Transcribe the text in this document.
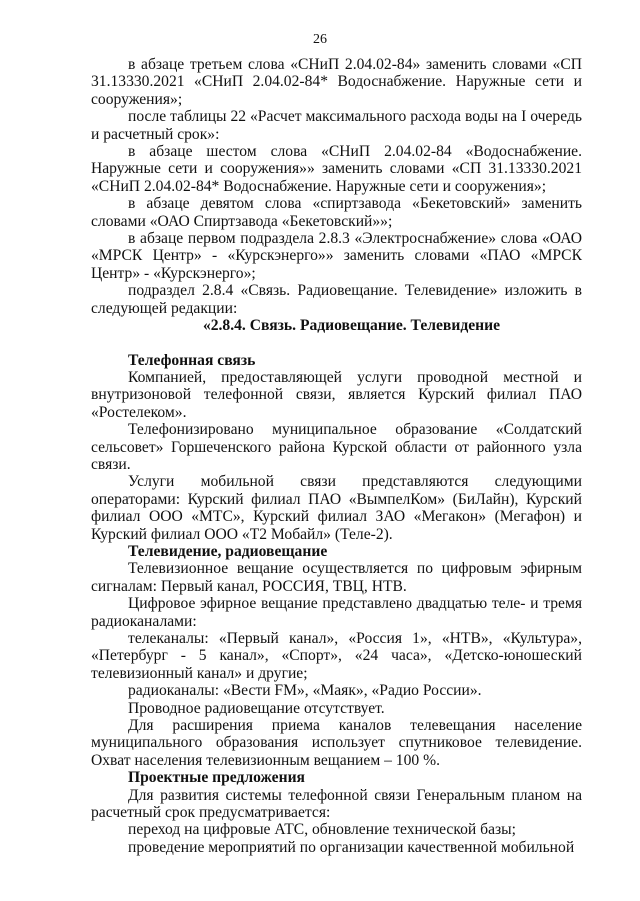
26

в абзаце третьем слова «СНиП 2.04.02-84» заменить словами «СП 31.13330.2021 «СНиП 2.04.02-84* Водоснабжение. Наружные сети и сооружения»;

после таблицы 22 «Расчет максимального расхода воды на I очередь и расчетный срок»:

в абзаце шестом слова «СНиП 2.04.02-84 «Водоснабжение. Наружные сети и сооружения»» заменить словами «СП 31.13330.2021 «СНиП 2.04.02-84* Водоснабжение. Наружные сети и сооружения»;

в абзаце девятом слова «спиртзавода «Бекетовский» заменить словами «ОАО Спиртзавода «Бекетовский»»;

в абзаце первом подраздела 2.8.3 «Электроснабжение» слова «ОАО «МРСК Центр» - «Курскэнерго»» заменить словами «ПАО «МРСК Центр» - «Курскэнерго»;

подраздел 2.8.4 «Связь. Радиовещание. Телевидение» изложить в следующей редакции:

«2.8.4. Связь. Радиовещание. Телевидение

Телефонная связь

Компанией, предоставляющей услуги проводной местной и внутризоновой телефонной связи, является Курский филиал ПАО «Ростелеком».

Телефонизировано муниципальное образование «Солдатский сельсовет» Горшеченского района Курской области от районного узла связи.

Услуги мобильной связи представляются следующими операторами: Курский филиал ПАО «ВымпелКом» (БиЛайн), Курский филиал ООО «МТС», Курский филиал ЗАО «Мегакон» (Мегафон) и Курский филиал ООО «Т2 Мобайл» (Теле-2).

Телевидение, радиовещание

Телевизионное вещание осуществляется по цифровым эфирным сигналам: Первый канал, РОССИЯ, ТВЦ, НТВ.

Цифровое эфирное вещание представлено двадцатью теле- и тремя радиоканалами:

телеканалы: «Первый канал», «Россия 1», «НТВ», «Культура», «Петербург - 5 канал», «Спорт», «24 часа», «Детско-юношеский телевизионный канал» и другие;

радиоканалы: «Вести FM», «Маяк», «Радио России».

Проводное радиовещание отсутствует.

Для расширения приема каналов телевещания население муниципального образования использует спутниковое телевидение. Охват населения телевизионным вещанием – 100 %.

Проектные предложения

Для развития системы телефонной связи Генеральным планом на расчетный срок предусматривается:

переход на цифровые АТС, обновление технической базы;

проведение мероприятий по организации качественной мобильной
